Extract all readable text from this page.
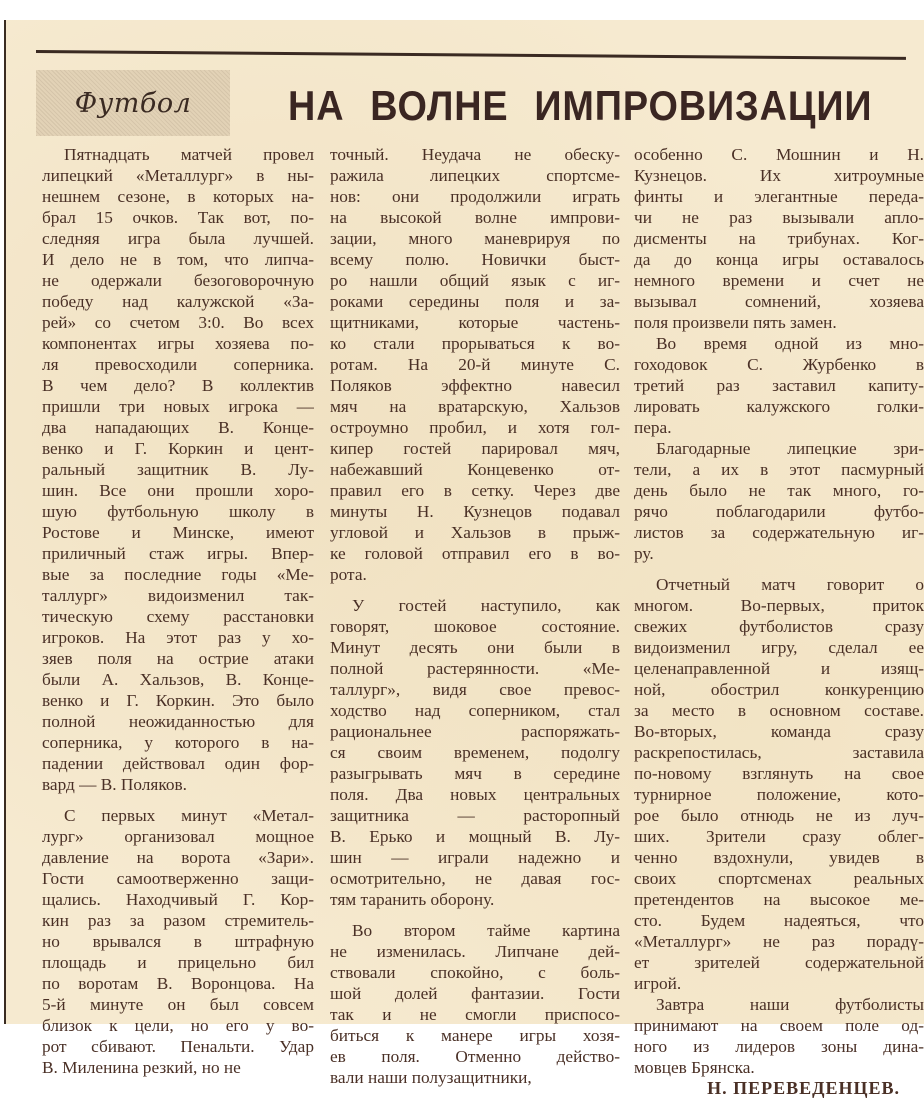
Футбол НА ВОЛНЕ ИМПРОВИЗАЦИИ
Пятнадцать матчей провел
липецкий «Металлург» в ны-
нешнем сезоне, в которых на-
брал 15 очков. Так вот, по-
следняя игра была лучшей.
И дело не в том, что липча-
не одержали безоговорочную
победу над калужской «За-
рей» со счетом 3:0. Во всех
компонентах игры хозяева по-
ля превосходили соперника.
В чем дело? В коллектив
пришли три новых игрока —
два нападающих В. Конце-
венко и Г. Коркин и цент-
ральный защитник В. Лу-
шин. Все они прошли хоро-
шую футбольную школу в
Ростове и Минске, имеют
приличный стаж игры. Впер-
вые за последние годы «Ме-
таллург» видоизменил так-
тическую схему расстановки
игроков. На этот раз у хо-
зяев поля на острие атаки
были А. Хальзов, В. Конце-
венко и Г. Коркин. Это было
полной неожиданностью для
соперника, у которого в на-
падении действовал один фор-
вард — В. Поляков.
С первых минут «Метал-
лург» организовал мощное
давление на ворота «Зари».
Гости самоотверженно защи-
щались. Находчивый Г. Кор-
кин раз за разом стремитель-
но врывался в штрафную
площадь и прицельно бил
по воротам В. Воронцова. На
5-й минуте он был совсем
близок к цели, но его у во-
рот сбивают. Пенальти. Удар
В. Миленина резкий, но не
точный. Неудача не обеску-
ражила липецких спортсме-
нов: они продолжили играть
на высокой волне импрови-
зации, много маневрируя по
всему полю. Новички быст-
ро нашли общий язык с иг-
роками середины поля и за-
щитниками, которые частень-
ко стали прорываться к во-
ротам. На 20-й минуте С.
Поляков эффектно навесил
мяч на вратарскую, Хальзов
остроумно пробил, и хотя гол-
кипер гостей парировал мяч,
набежавший Концевенко от-
правил его в сетку. Через две
минуты Н. Кузнецов подавал
угловой и Хальзов в прыж-
ке головой отправил его в во-
рота.
У гостей наступило, как
говорят, шоковое состояние.
Минут десять они были в
полной растерянности. «Ме-
таллург», видя свое превос-
ходство над соперником, стал
рациональнее распоряжать-
ся своим временем, подолгу
разыгрывать мяч в середине
поля. Два новых центральных
защитника — расторопный
В. Ерько и мощный В. Лу-
шин — играли надежно и
осмотрительно, не давая гос-
тям таранить оборону.
Во втором тайме картина
не изменилась. Липчане дей-
ствовали спокойно, с боль-
шой долей фантазии. Гости
так и не смогли приспосо-
биться к манере игры хозя-
ев поля. Отменно действо-
вали наши полузащитники,
особенно С. Мошнин и Н.
Кузнецов. Их хитроумные
финты и элегантные переда-
чи не раз вызывали апло-
дисменты на трибунах. Ког-
да до конца игры оставалось
немного времени и счет не
вызывал сомнений, хозяева
поля произвели пять замен.
Во время одной из мно-
гоходовок С. Журбенко в
третий раз заставил капиту-
лировать калужского голки-
пера.
Благодарные липецкие зри-
тели, а их в этот пасмурный
день было не так много, го-
рячо поблагодарили футбо-
листов за содержательную иг-
ру.
Отчетный матч говорит о
многом. Во-первых, приток
свежих футболистов сразу
видоизменил игру, сделал ее
целенаправленной и изящ-
ной, обострил конкуренцию
за место в основном составе.
Во-вторых, команда сразу
раскрепостилась, заставила
по-новому взглянуть на свое
турнирное положение, кото-
рое было отнюдь не из луч-
ших. Зрители сразу облег-
ченно вздохнули, увидев в
своих спортсменах реальных
претендентов на высокое ме-
сто. Будем надеяться, что
«Металлург» не раз порадү-
ет зрителей содержательной
игрой.
Завтра наши футболисты
принимают на своем поле од-
ного из лидеров зоны дина-
мовцев Брянска.
Н. ПЕРЕВЕДЕНЦЕВ.
